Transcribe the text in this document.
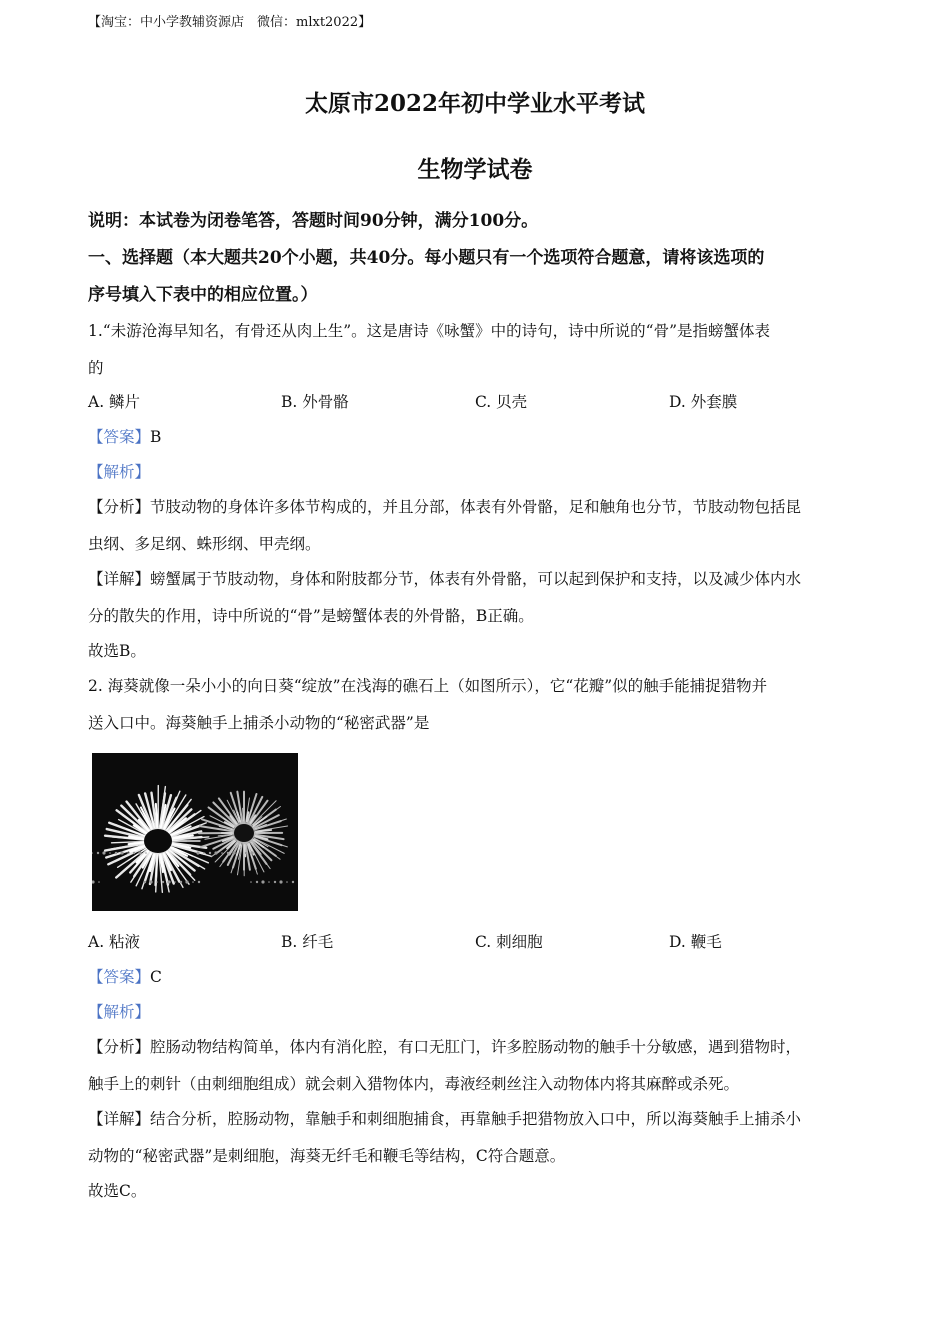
【淘宝：中小学教辅资源店　微信：mlxt2022】
太原市2022年初中学业水平考试
生物学试卷
说明：本试卷为闭卷笔答，答题时间90分钟，满分100分。
一、选择题（本大题共20个小题，共40分。每小题只有一个选项符合题意，请将该选项的
序号填入下表中的相应位置。）
1.“未游沧海早知名，有骨还从肉上生”。这是唐诗《咏蟹》中的诗句，诗中所说的“骨”是指螃蟹体表
的
A. 鳞片	B. 外骨骼	C. 贝壳	D. 外套膜
【答案】B
【解析】
【分析】节肢动物的身体许多体节构成的，并且分部，体表有外骨骼，足和触角也分节，节肢动物包括昆
虫纲、多足纲、蛛形纲、甲壳纲。
【详解】螃蟹属于节肢动物，身体和附肢都分节，体表有外骨骼，可以起到保护和支持，以及减少体内水
分的散失的作用，诗中所说的“骨”是螃蟹体表的外骨骼，B正确。
故选B。
2. 海葵就像一朵小小的向日葵“绽放”在浅海的礁石上（如图所示），它“花瓣”似的触手能捕捉猎物并
送入口中。海葵触手上捕杀小动物的“秘密武器”是
A. 粘液	B. 纤毛	C. 刺细胞	D. 鞭毛
【答案】C
【解析】
【分析】腔肠动物结构简单，体内有消化腔，有口无肛门，许多腔肠动物的触手十分敏感，遇到猎物时，
触手上的刺针（由刺细胞组成）就会刺入猎物体内，毒液经刺丝注入动物体内将其麻醉或杀死。
【详解】结合分析，腔肠动物，靠触手和刺细胞捕食，再靠触手把猎物放入口中，所以海葵触手上捕杀小
动物的“秘密武器”是刺细胞，海葵无纤毛和鞭毛等结构，C符合题意。
故选C。
